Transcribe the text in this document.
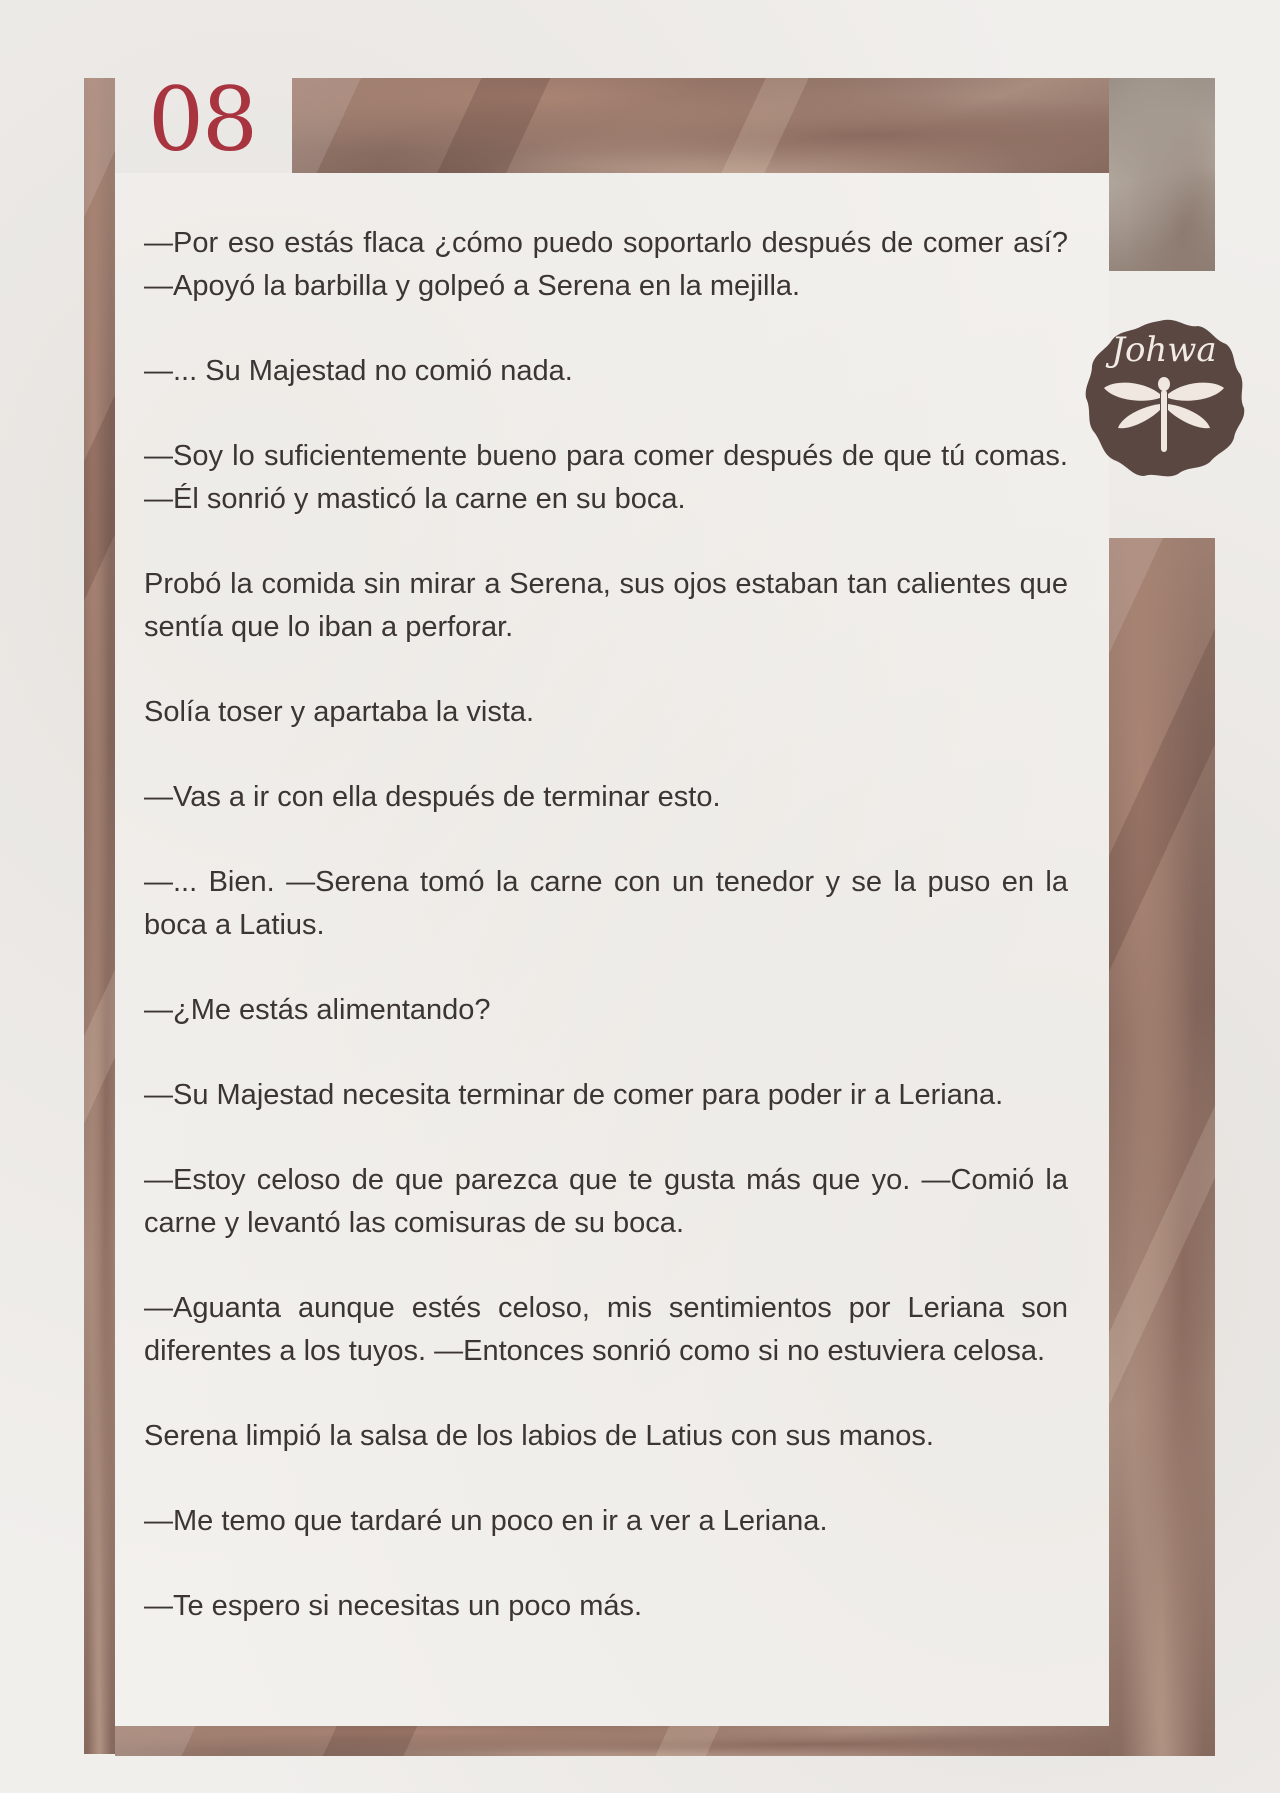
08
Johwa

—Por eso estás flaca ¿cómo puedo soportarlo después de comer así? —Apoyó la barbilla y golpeó a Serena en la mejilla.

—... Su Majestad no comió nada.

—Soy lo suficientemente bueno para comer después de que tú comas. —Él sonrió y masticó la carne en su boca.

Probó la comida sin mirar a Serena, sus ojos estaban tan calientes que sentía que lo iban a perforar.

Solía toser y apartaba la vista.

—Vas a ir con ella después de terminar esto.

—... Bien. —Serena tomó la carne con un tenedor y se la puso en la boca a Latius.

—¿Me estás alimentando?

—Su Majestad necesita terminar de comer para poder ir a Leriana.

—Estoy celoso de que parezca que te gusta más que yo. —Comió la carne y levantó las comisuras de su boca.

—Aguanta aunque estés celoso, mis sentimientos por Leriana son diferentes a los tuyos. —Entonces sonrió como si no estuviera celosa.

Serena limpió la salsa de los labios de Latius con sus manos.

—Me temo que tardaré un poco en ir a ver a Leriana.

—Te espero si necesitas un poco más.
